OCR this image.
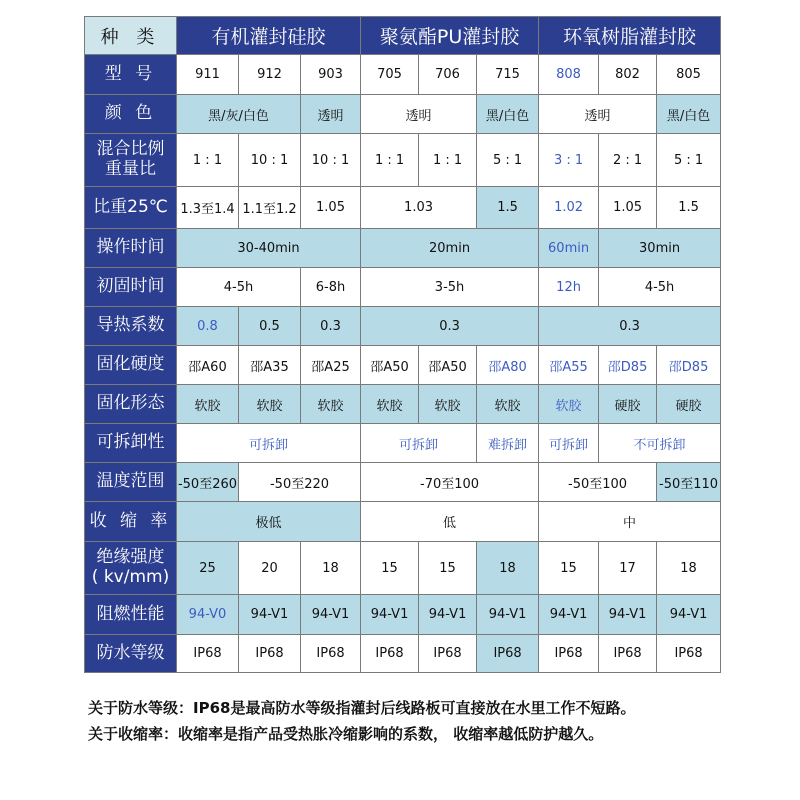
种 类	有机灌封硅胶			聚氨酯PU灌封胶			环氧树脂灌封胶		
型 号	911	912	903	705	706	715	808	802	805
颜 色	黑/灰/白色		透明	透明		黑/白色	透明		黑/白色
混合比例
重量比	1 : 1	10 : 1	10 : 1	1 : 1	1 : 1	5 : 1	3 : 1	2 : 1	5 : 1
比重25℃	1.3至1.4	1.1至1.2	1.05	1.03		1.5	1.02	1.05	1.5
操作时间	30-40min			20min			60min	30min	
初固时间	4-5h		6-8h	3-5h			12h	4-5h	
导热系数	0.8	0.5	0.3	0.3			0.3		
固化硬度	邵A60	邵A35	邵A25	邵A50	邵A50	邵A80	邵A55	邵D85	邵D85
固化形态	软胶	软胶	软胶	软胶	软胶	软胶	软胶	硬胶	硬胶
可拆卸性	可拆卸			可拆卸		难拆卸	可拆卸	不可拆卸	
温度范围	-50至260	-50至220		-70至100			-50至100		-50至110
收 缩 率	极低			低			中		
绝缘强度
( kv/mm)	25	20	18	15	15	18	15	17	18
阻燃性能	94-V0	94-V1	94-V1	94-V1	94-V1	94-V1	94-V1	94-V1	94-V1
防水等级	IP68	IP68	IP68	IP68	IP68	IP68	IP68	IP68	IP68

关于防水等级：IP68是最高防水等级指灌封后线路板可直接放在水里工作不短路。

关于收缩率：收缩率是指产品受热胀冷缩影响的系数， 收缩率越低防护越久。
